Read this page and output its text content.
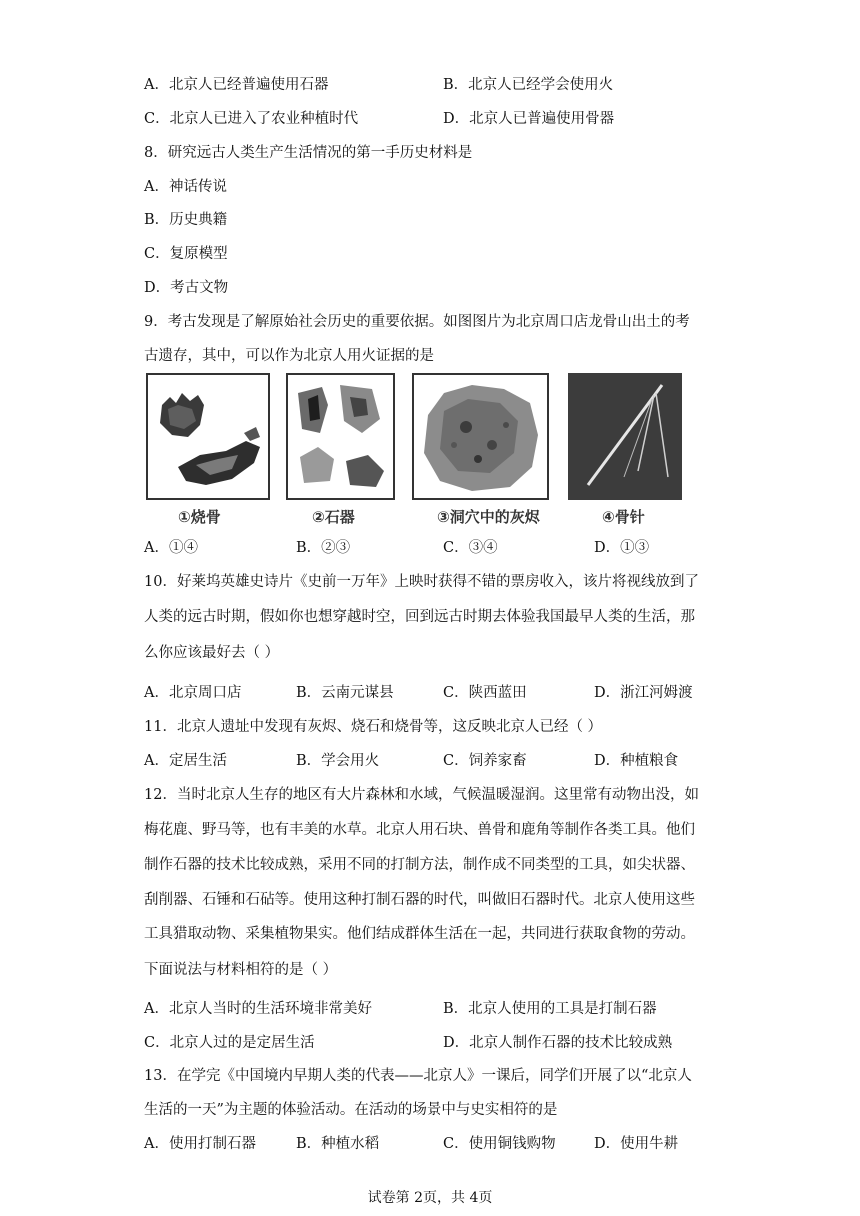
A．北京人已经普遍使用石器	B．北京人已经学会使用火
C．北京人已进入了农业种植时代	D．北京人已普遍使用骨器
8．研究远古人类生产生活情况的第一手历史材料是
A．神话传说
B．历史典籍
C．复原模型
D．考古文物
9．考古发现是了解原始社会历史的重要依据。如图图片为北京周口店龙骨山出土的考
古遗存，其中，可以作为北京人用火证据的是
①烧骨	②石器	③洞穴中的灰烬	④骨针
A．①④	B．②③	C．③④	D．①③
10．好莱坞英雄史诗片《史前一万年》上映时获得不错的票房收入，该片将视线放到了
人类的远古时期，假如你也想穿越时空，回到远古时期去体验我国最早人类的生活，那
么你应该最好去（ ）
A．北京周口店	B．云南元谋县	C．陕西蓝田	D．浙江河姆渡
11．北京人遗址中发现有灰烬、烧石和烧骨等，这反映北京人已经（ ）
A．定居生活	B．学会用火	C．饲养家畜	D．种植粮食
12．当时北京人生存的地区有大片森林和水域，气候温暖湿润。这里常有动物出没，如
梅花鹿、野马等，也有丰美的水草。北京人用石块、兽骨和鹿角等制作各类工具。他们
制作石器的技术比较成熟，采用不同的打制方法，制作成不同类型的工具，如尖状器、
刮削器、石锤和石砧等。使用这种打制石器的时代，叫做旧石器时代。北京人使用这些
工具猎取动物、采集植物果实。他们结成群体生活在一起，共同进行获取食物的劳动。
下面说法与材料相符的是（ ）
A．北京人当时的生活环境非常美好	B．北京人使用的工具是打制石器
C．北京人过的是定居生活	D．北京人制作石器的技术比较成熟
13．在学完《中国境内早期人类的代表——北京人》一课后，同学们开展了以“北京人
生活的一天”为主题的体验活动。在活动的场景中与史实相符的是
A．使用打制石器	B．种植水稻	C．使用铜钱购物	D．使用牛耕
试卷第 2页，共 4页
